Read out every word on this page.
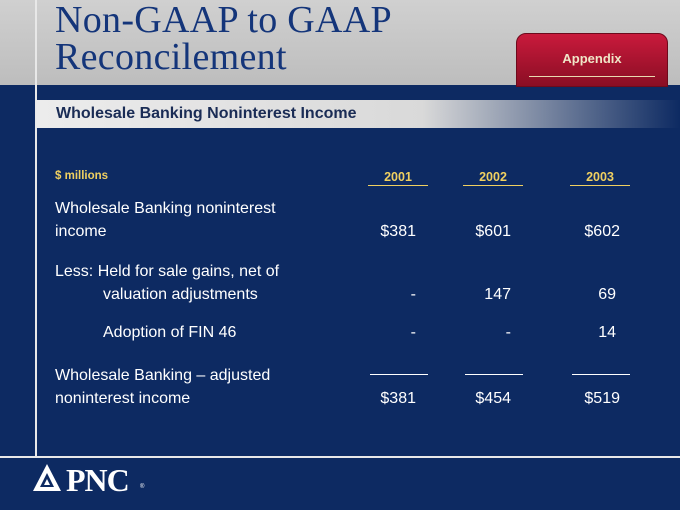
Non-GAAP to GAAP
Reconcilement	Appendix
Wholesale Banking Noninterest Income
$ millions	2001	2002	2003
Wholesale Banking noninterest
income	$381	$601	$602
Less: Held for sale gains, net of
valuation adjustments	-	147	69
Adoption of FIN 46	-	-	14
Wholesale Banking – adjusted
noninterest income	$381	$454	$519
PNC ®
